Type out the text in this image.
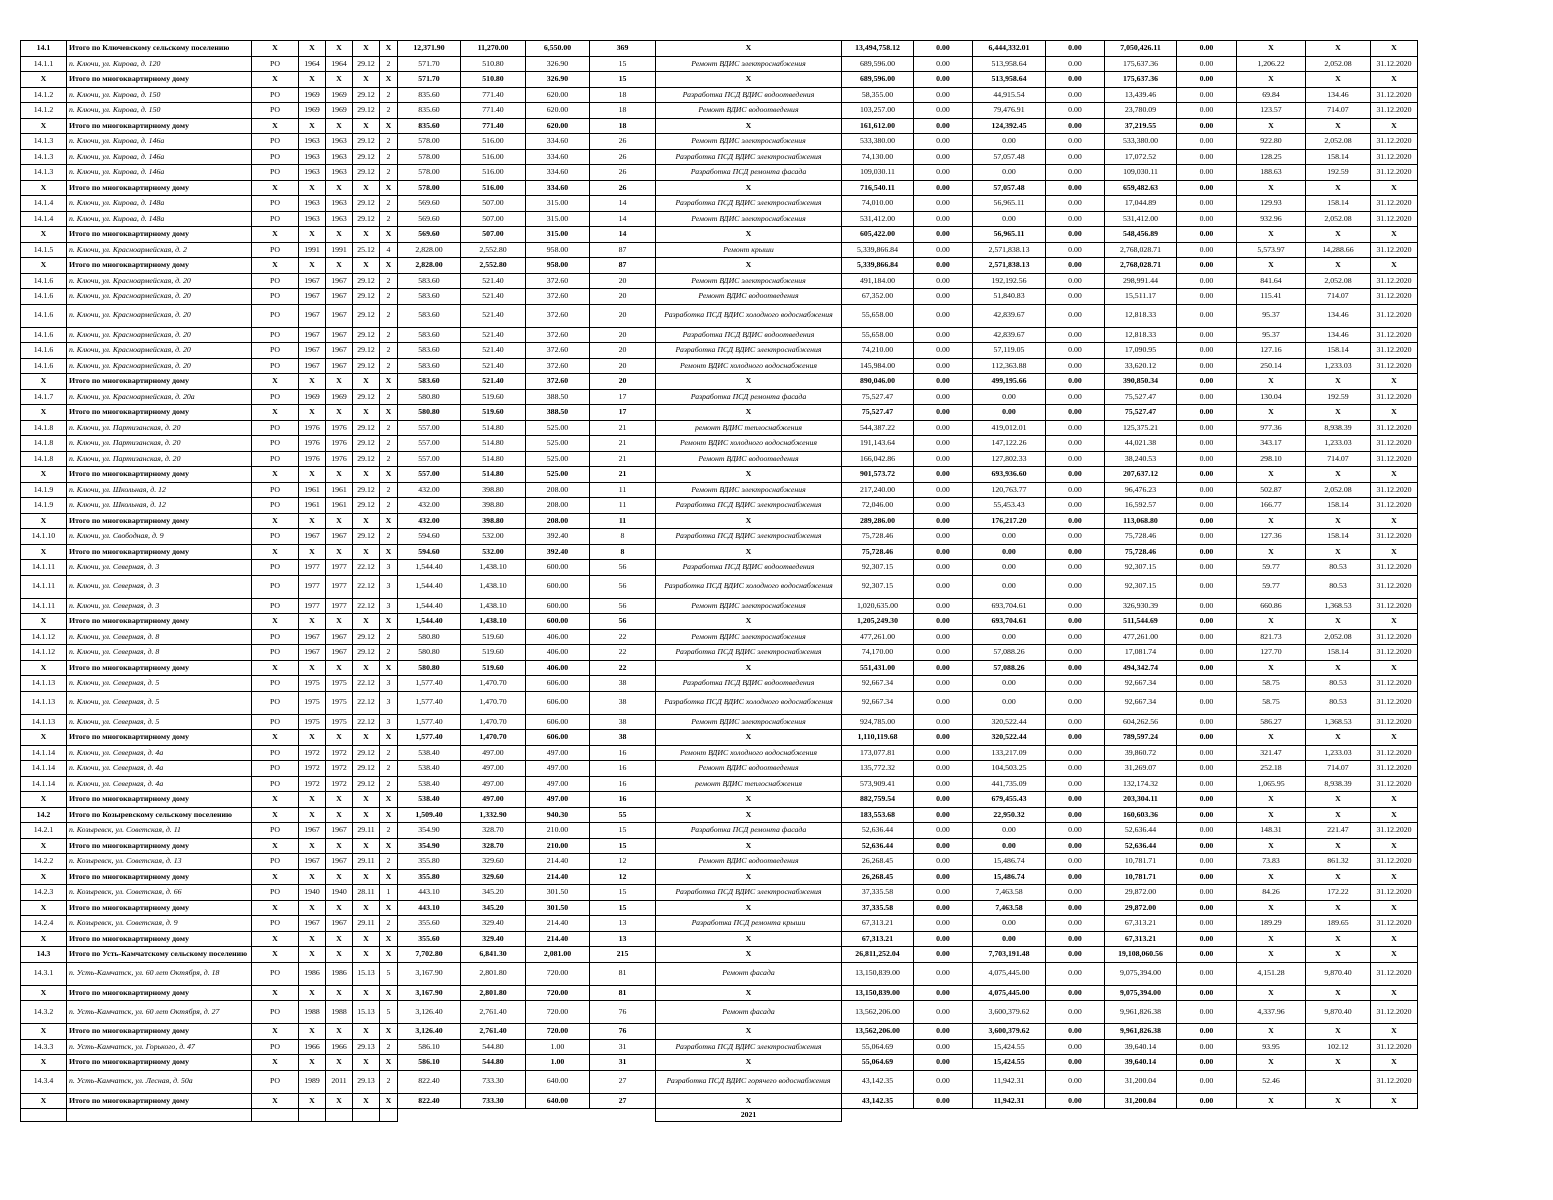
14.1	Итого по Ключевскому сельскому поселению	X	X	X	X	X	12,371.90	11,270.00	6,550.00	369	X	13,494,758.12	0.00	6,444,332.01	0.00	7,050,426.11	0.00	X	X	X
14.1.1	п. Ключи, ул. Кирова, д. 120	РО	1964	1964	29.12	2	571.70	510.80	326.90	15	Ремонт ВДИС электроснабжения	689,596.00	0.00	513,958.64	0.00	175,637.36	0.00	1,206.22	2,052.08	31.12.2020
X	Итого по многоквартирному дому	X	X	X	X	X	571.70	510.80	326.90	15	X	689,596.00	0.00	513,958.64	0.00	175,637.36	0.00	X	X	X
14.1.2	п. Ключи, ул. Кирова, д. 150	РО	1969	1969	29.12	2	835.60	771.40	620.00	18	Разработка ПСД ВДИС водоотведения	58,355.00	0.00	44,915.54	0.00	13,439.46	0.00	69.84	134.46	31.12.2020
14.1.2	п. Ключи, ул. Кирова, д. 150	РО	1969	1969	29.12	2	835.60	771.40	620.00	18	Ремонт ВДИС водоотведения	103,257.00	0.00	79,476.91	0.00	23,780.09	0.00	123.57	714.07	31.12.2020
X	Итого по многоквартирному дому	X	X	X	X	X	835.60	771.40	620.00	18	X	161,612.00	0.00	124,392.45	0.00	37,219.55	0.00	X	X	X
14.1.3	п. Ключи, ул. Кирова, д. 146а	РО	1963	1963	29.12	2	578.00	516.00	334.60	26	Ремонт ВДИС электроснабжения	533,380.00	0.00	0.00	0.00	533,380.00	0.00	922.80	2,052.08	31.12.2020
14.1.3	п. Ключи, ул. Кирова, д. 146а	РО	1963	1963	29.12	2	578.00	516.00	334.60	26	Разработка ПСД ВДИС электроснабжения	74,130.00	0.00	57,057.48	0.00	17,072.52	0.00	128.25	158.14	31.12.2020
14.1.3	п. Ключи, ул. Кирова, д. 146а	РО	1963	1963	29.12	2	578.00	516.00	334.60	26	Разработка ПСД ремонта фасада	109,030.11	0.00	0.00	0.00	109,030.11	0.00	188.63	192.59	31.12.2020
X	Итого по многоквартирному дому	X	X	X	X	X	578.00	516.00	334.60	26	X	716,540.11	0.00	57,057.48	0.00	659,482.63	0.00	X	X	X
14.1.4	п. Ключи, ул. Кирова, д. 148а	РО	1963	1963	29.12	2	569.60	507.00	315.00	14	Разработка ПСД ВДИС электроснабжения	74,010.00	0.00	56,965.11	0.00	17,044.89	0.00	129.93	158.14	31.12.2020
14.1.4	п. Ключи, ул. Кирова, д. 148а	РО	1963	1963	29.12	2	569.60	507.00	315.00	14	Ремонт ВДИС электроснабжения	531,412.00	0.00	0.00	0.00	531,412.00	0.00	932.96	2,052.08	31.12.2020
X	Итого по многоквартирному дому	X	X	X	X	X	569.60	507.00	315.00	14	X	605,422.00	0.00	56,965.11	0.00	548,456.89	0.00	X	X	X
14.1.5	п. Ключи, ул. Красноармейская, д. 2	РО	1991	1991	25.12	4	2,828.00	2,552.80	958.00	87	Ремонт крыши	5,339,866.84	0.00	2,571,838.13	0.00	2,768,028.71	0.00	5,573.97	14,288.66	31.12.2020
X	Итого по многоквартирному дому	X	X	X	X	X	2,828.00	2,552.80	958.00	87	X	5,339,866.84	0.00	2,571,838.13	0.00	2,768,028.71	0.00	X	X	X
14.1.6	п. Ключи, ул. Красноармейская, д. 20	РО	1967	1967	29.12	2	583.60	521.40	372.60	20	Ремонт ВДИС электроснабжения	491,184.00	0.00	192,192.56	0.00	298,991.44	0.00	841.64	2,052.08	31.12.2020
14.1.6	п. Ключи, ул. Красноармейская, д. 20	РО	1967	1967	29.12	2	583.60	521.40	372.60	20	Ремонт ВДИС водоотведения	67,352.00	0.00	51,840.83	0.00	15,511.17	0.00	115.41	714.07	31.12.2020
14.1.6	п. Ключи, ул. Красноармейская, д. 20	РО	1967	1967	29.12	2	583.60	521.40	372.60	20	Разработка ПСД ВДИС холодного водоснабжения	55,658.00	0.00	42,839.67	0.00	12,818.33	0.00	95.37	134.46	31.12.2020
14.1.6	п. Ключи, ул. Красноармейская, д. 20	РО	1967	1967	29.12	2	583.60	521.40	372.60	20	Разработка ПСД ВДИС водоотведения	55,658.00	0.00	42,839.67	0.00	12,818.33	0.00	95.37	134.46	31.12.2020
14.1.6	п. Ключи, ул. Красноармейская, д. 20	РО	1967	1967	29.12	2	583.60	521.40	372.60	20	Разработка ПСД ВДИС электроснабжения	74,210.00	0.00	57,119.05	0.00	17,090.95	0.00	127.16	158.14	31.12.2020
14.1.6	п. Ключи, ул. Красноармейская, д. 20	РО	1967	1967	29.12	2	583.60	521.40	372.60	20	Ремонт ВДИС холодного водоснабжения	145,984.00	0.00	112,363.88	0.00	33,620.12	0.00	250.14	1,233.03	31.12.2020
X	Итого по многоквартирному дому	X	X	X	X	X	583.60	521.40	372.60	20	X	890,046.00	0.00	499,195.66	0.00	390,850.34	0.00	X	X	X
14.1.7	п. Ключи, ул. Красноармейская, д. 20а	РО	1969	1969	29.12	2	580.80	519.60	388.50	17	Разработка ПСД ремонта фасада	75,527.47	0.00	0.00	0.00	75,527.47	0.00	130.04	192.59	31.12.2020
X	Итого по многоквартирному дому	X	X	X	X	X	580.80	519.60	388.50	17	X	75,527.47	0.00	0.00	0.00	75,527.47	0.00	X	X	X
14.1.8	п. Ключи, ул. Партизанская, д. 20	РО	1976	1976	29.12	2	557.00	514.80	525.00	21	ремонт ВДИС теплоснабжения	544,387.22	0.00	419,012.01	0.00	125,375.21	0.00	977.36	8,938.39	31.12.2020
14.1.8	п. Ключи, ул. Партизанская, д. 20	РО	1976	1976	29.12	2	557.00	514.80	525.00	21	Ремонт ВДИС холодного водоснабжения	191,143.64	0.00	147,122.26	0.00	44,021.38	0.00	343.17	1,233.03	31.12.2020
14.1.8	п. Ключи, ул. Партизанская, д. 20	РО	1976	1976	29.12	2	557.00	514.80	525.00	21	Ремонт ВДИС водоотведения	166,042.86	0.00	127,802.33	0.00	38,240.53	0.00	298.10	714.07	31.12.2020
X	Итого по многоквартирному дому	X	X	X	X	X	557.00	514.80	525.00	21	X	901,573.72	0.00	693,936.60	0.00	207,637.12	0.00	X	X	X
14.1.9	п. Ключи, ул. Школьная, д. 12	РО	1961	1961	29.12	2	432.00	398.80	208.00	11	Ремонт ВДИС электроснабжения	217,240.00	0.00	120,763.77	0.00	96,476.23	0.00	502.87	2,052.08	31.12.2020
14.1.9	п. Ключи, ул. Школьная, д. 12	РО	1961	1961	29.12	2	432.00	398.80	208.00	11	Разработка ПСД ВДИС электроснабжения	72,046.00	0.00	55,453.43	0.00	16,592.57	0.00	166.77	158.14	31.12.2020
X	Итого по многоквартирному дому	X	X	X	X	X	432.00	398.80	208.00	11	X	289,286.00	0.00	176,217.20	0.00	113,068.80	0.00	X	X	X
14.1.10	п. Ключи, ул. Свободная, д. 9	РО	1967	1967	29.12	2	594.60	532.00	392.40	8	Разработка ПСД ВДИС электроснабжения	75,728.46	0.00	0.00	0.00	75,728.46	0.00	127.36	158.14	31.12.2020
X	Итого по многоквартирному дому	X	X	X	X	X	594.60	532.00	392.40	8	X	75,728.46	0.00	0.00	0.00	75,728.46	0.00	X	X	X
14.1.11	п. Ключи, ул. Северная, д. 3	РО	1977	1977	22.12	3	1,544.40	1,438.10	600.00	56	Разработка ПСД ВДИС водоотведения	92,307.15	0.00	0.00	0.00	92,307.15	0.00	59.77	80.53	31.12.2020
14.1.11	п. Ключи, ул. Северная, д. 3	РО	1977	1977	22.12	3	1,544.40	1,438.10	600.00	56	Разработка ПСД ВДИС холодного водоснабжения	92,307.15	0.00	0.00	0.00	92,307.15	0.00	59.77	80.53	31.12.2020
14.1.11	п. Ключи, ул. Северная, д. 3	РО	1977	1977	22.12	3	1,544.40	1,438.10	600.00	56	Ремонт ВДИС электроснабжения	1,020,635.00	0.00	693,704.61	0.00	326,930.39	0.00	660.86	1,368.53	31.12.2020
X	Итого по многоквартирному дому	X	X	X	X	X	1,544.40	1,438.10	600.00	56	X	1,205,249.30	0.00	693,704.61	0.00	511,544.69	0.00	X	X	X
14.1.12	п. Ключи, ул. Северная, д. 8	РО	1967	1967	29.12	2	580.80	519.60	406.00	22	Ремонт ВДИС электроснабжения	477,261.00	0.00	0.00	0.00	477,261.00	0.00	821.73	2,052.08	31.12.2020
14.1.12	п. Ключи, ул. Северная, д. 8	РО	1967	1967	29.12	2	580.80	519.60	406.00	22	Разработка ПСД ВДИС электроснабжения	74,170.00	0.00	57,088.26	0.00	17,081.74	0.00	127.70	158.14	31.12.2020
X	Итого по многоквартирному дому	X	X	X	X	X	580.80	519.60	406.00	22	X	551,431.00	0.00	57,088.26	0.00	494,342.74	0.00	X	X	X
14.1.13	п. Ключи, ул. Северная, д. 5	РО	1975	1975	22.12	3	1,577.40	1,470.70	606.00	38	Разработка ПСД ВДИС водоотведения	92,667.34	0.00	0.00	0.00	92,667.34	0.00	58.75	80.53	31.12.2020
14.1.13	п. Ключи, ул. Северная, д. 5	РО	1975	1975	22.12	3	1,577.40	1,470.70	606.00	38	Разработка ПСД ВДИС холодного водоснабжения	92,667.34	0.00	0.00	0.00	92,667.34	0.00	58.75	80.53	31.12.2020
14.1.13	п. Ключи, ул. Северная, д. 5	РО	1975	1975	22.12	3	1,577.40	1,470.70	606.00	38	Ремонт ВДИС электроснабжения	924,785.00	0.00	320,522.44	0.00	604,262.56	0.00	586.27	1,368.53	31.12.2020
X	Итого по многоквартирному дому	X	X	X	X	X	1,577.40	1,470.70	606.00	38	X	1,110,119.68	0.00	320,522.44	0.00	789,597.24	0.00	X	X	X
14.1.14	п. Ключи, ул. Северная, д. 4а	РО	1972	1972	29.12	2	538.40	497.00	497.00	16	Ремонт ВДИС холодного водоснабжения	173,077.81	0.00	133,217.09	0.00	39,860.72	0.00	321.47	1,233.03	31.12.2020
14.1.14	п. Ключи, ул. Северная, д. 4а	РО	1972	1972	29.12	2	538.40	497.00	497.00	16	Ремонт ВДИС водоотведения	135,772.32	0.00	104,503.25	0.00	31,269.07	0.00	252.18	714.07	31.12.2020
14.1.14	п. Ключи, ул. Северная, д. 4а	РО	1972	1972	29.12	2	538.40	497.00	497.00	16	ремонт ВДИС теплоснабжения	573,909.41	0.00	441,735.09	0.00	132,174.32	0.00	1,065.95	8,938.39	31.12.2020
X	Итого по многоквартирному дому	X	X	X	X	X	538.40	497.00	497.00	16	X	882,759.54	0.00	679,455.43	0.00	203,304.11	0.00	X	X	X
14.2	Итого по Козыревскому сельскому поселению	X	X	X	X	X	1,509.40	1,332.90	940.30	55	X	183,553.68	0.00	22,950.32	0.00	160,603.36	0.00	X	X	X
14.2.1	п. Козыревск, ул. Советская, д. 11	РО	1967	1967	29.11	2	354.90	328.70	210.00	15	Разработка ПСД ремонта фасада	52,636.44	0.00	0.00	0.00	52,636.44	0.00	148.31	221.47	31.12.2020
X	Итого по многоквартирному дому	X	X	X	X	X	354.90	328.70	210.00	15	X	52,636.44	0.00	0.00	0.00	52,636.44	0.00	X	X	X
14.2.2	п. Козыревск, ул. Советская, д. 13	РО	1967	1967	29.11	2	355.80	329.60	214.40	12	Ремонт ВДИС водоотведения	26,268.45	0.00	15,486.74	0.00	10,781.71	0.00	73.83	861.32	31.12.2020
X	Итого по многоквартирному дому	X	X	X	X	X	355.80	329.60	214.40	12	X	26,268.45	0.00	15,486.74	0.00	10,781.71	0.00	X	X	X
14.2.3	п. Козыревск, ул. Советская, д. 66	РО	1940	1940	28.11	1	443.10	345.20	301.50	15	Разработка ПСД ВДИС электроснабжения	37,335.58	0.00	7,463.58	0.00	29,872.00	0.00	84.26	172.22	31.12.2020
X	Итого по многоквартирному дому	X	X	X	X	X	443.10	345.20	301.50	15	X	37,335.58	0.00	7,463.58	0.00	29,872.00	0.00	X	X	X
14.2.4	п. Козыревск, ул. Советская, д. 9	РО	1967	1967	29.11	2	355.60	329.40	214.40	13	Разработка ПСД ремонта крыши	67,313.21	0.00	0.00	0.00	67,313.21	0.00	189.29	189.65	31.12.2020
X	Итого по многоквартирному дому	X	X	X	X	X	355.60	329.40	214.40	13	X	67,313.21	0.00	0.00	0.00	67,313.21	0.00	X	X	X
14.3	Итого по Усть-Камчатскому сельскому поселению	X	X	X	X	X	7,702.80	6,841.30	2,081.00	215	X	26,811,252.04	0.00	7,703,191.48	0.00	19,108,060.56	0.00	X	X	X
14.3.1	п. Усть-Камчатск, ул. 60 лет Октября, д. 18	РО	1986	1986	15.13	5	3,167.90	2,801.80	720.00	81	Ремонт фасада	13,150,839.00	0.00	4,075,445.00	0.00	9,075,394.00	0.00	4,151.28	9,870.40	31.12.2020
X	Итого по многоквартирному дому	X	X	X	X	X	3,167.90	2,801.80	720.00	81	X	13,150,839.00	0.00	4,075,445.00	0.00	9,075,394.00	0.00	X	X	X
14.3.2	п. Усть-Камчатск, ул. 60 лет Октября, д. 27	РО	1988	1988	15.13	5	3,126.40	2,761.40	720.00	76	Ремонт фасада	13,562,206.00	0.00	3,600,379.62	0.00	9,961,826.38	0.00	4,337.96	9,870.40	31.12.2020
X	Итого по многоквартирному дому	X	X	X	X	X	3,126.40	2,761.40	720.00	76	X	13,562,206.00	0.00	3,600,379.62	0.00	9,961,826.38	0.00	X	X	X
14.3.3	п. Усть-Камчатск, ул. Горького, д. 47	РО	1966	1966	29.13	2	586.10	544.80	1.00	31	Разработка ПСД ВДИС электроснабжения	55,064.69	0.00	15,424.55	0.00	39,640.14	0.00	93.95	102.12	31.12.2020
X	Итого по многоквартирному дому	X	X	X	X	X	586.10	544.80	1.00	31	X	55,064.69	0.00	15,424.55	0.00	39,640.14	0.00	X	X	X
14.3.4	п. Усть-Камчатск, ул. Лесная, д. 50а	РО	1989	2011	29.13	2	822.40	733.30	640.00	27	Разработка ПСД ВДИС горячего водоснабжения	43,142.35	0.00	11,942.31	0.00	31,200.04	0.00	52.46		31.12.2020
X	Итого по многоквартирному дому	X	X	X	X	X	822.40	733.30	640.00	27	X	43,142.35	0.00	11,942.31	0.00	31,200.04	0.00	X	X	X
											2021									
